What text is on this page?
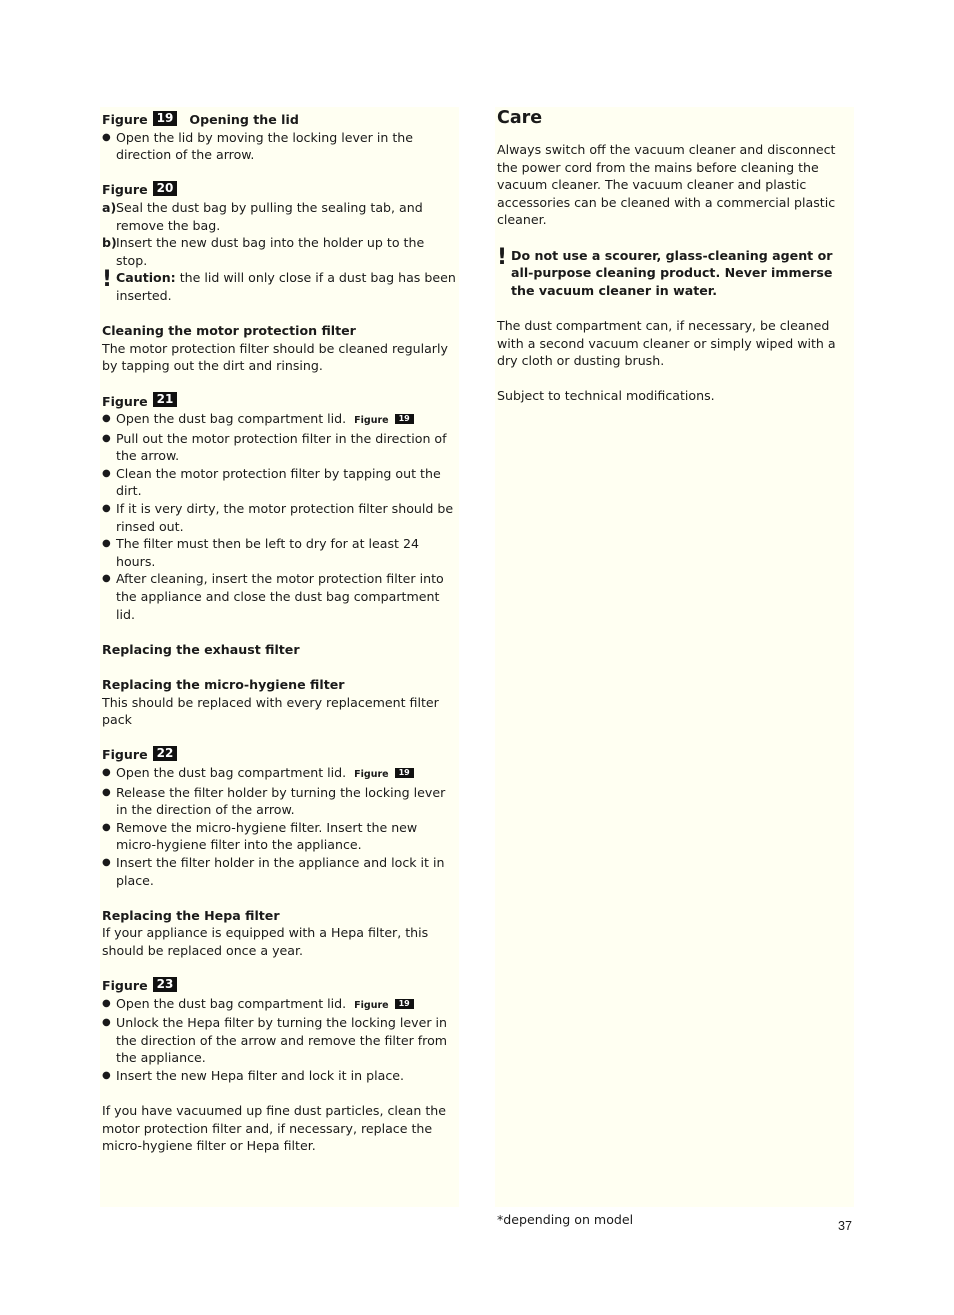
Figure 19	Opening the lid

● Open the lid by moving the locking lever in the direction of the arrow.

Figure 20

a) Seal the dust bag by pulling the sealing tab, and remove the bag.

b) Insert the new dust bag into the holder up to the stop.

! Caution: the lid will only close if a dust bag has been inserted.

Cleaning the motor protection filter

The motor protection filter should be cleaned regularly by tapping out the dirt and rinsing.

Figure 21

● Open the dust bag compartment lid. Figure 19

● Pull out the motor protection filter in the direction of the arrow.

● Clean the motor protection filter by tapping out the dirt.

● If it is very dirty, the motor protection filter should be rinsed out.

● The filter must then be left to dry for at least 24 hours.

● After cleaning, insert the motor protection filter into the appliance and close the dust bag compartment lid.

Replacing the exhaust filter

Replacing the micro-hygiene filter

This should be replaced with every replacement filter pack

Figure 22

● Open the dust bag compartment lid. Figure 19

● Release the filter holder by turning the locking lever in the direction of the arrow.

● Remove the micro-hygiene filter. Insert the new micro-hygiene filter into the appliance.

● Insert the filter holder in the appliance and lock it in place.

Replacing the Hepa filter

If your appliance is equipped with a Hepa filter, this should be replaced once a year.

Figure 23

● Open the dust bag compartment lid. Figure 19

● Unlock the Hepa filter by turning the locking lever in the direction of the arrow and remove the filter from the appliance.

● Insert the new Hepa filter and lock it in place.

If you have vacuumed up fine dust particles, clean the motor protection filter and, if necessary, replace the micro-hygiene filter or Hepa filter.

Care

Always switch off the vacuum cleaner and disconnect the power cord from the mains before cleaning the vacuum cleaner. The vacuum cleaner and plastic accessories can be cleaned with a commercial plastic cleaner.

! Do not use a scourer, glass-cleaning agent or all-purpose cleaning product. Never immerse the vacuum cleaner in water.

The dust compartment can, if necessary, be cleaned with a second vacuum cleaner or simply wiped with a dry cloth or dusting brush.

Subject to technical modifications.

*depending on model	37
